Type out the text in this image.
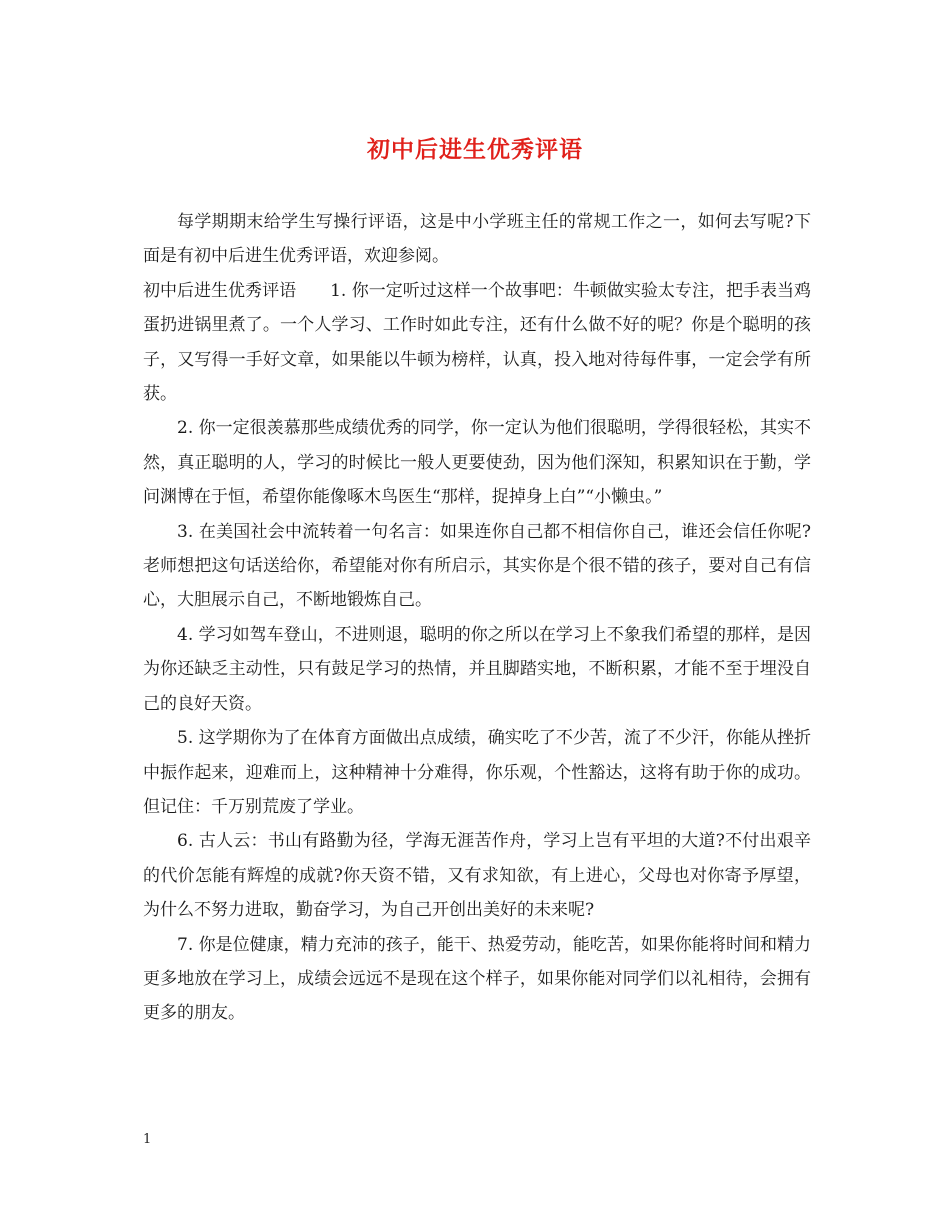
初中后进生优秀评语

每学期期末给学生写操行评语，这是中小学班主任的常规工作之一，如何去写呢?下面是有初中后进生优秀评语，欢迎参阅。

初中后进生优秀评语　　1. 你一定听过这样一个故事吧：牛顿做实验太专注，把手表当鸡蛋扔进锅里煮了。一个人学习、工作时如此专注，还有什么做不好的呢？你是个聪明的孩子，又写得一手好文章，如果能以牛顿为榜样，认真，投入地对待每件事，一定会学有所获。

2. 你一定很羡慕那些成绩优秀的同学，你一定认为他们很聪明，学得很轻松，其实不然，真正聪明的人，学习的时候比一般人更要使劲，因为他们深知，积累知识在于勤，学问渊博在于恒，希望你能像啄木鸟医生“那样，捉掉身上白”“小懒虫。”

3. 在美国社会中流转着一句名言：如果连你自己都不相信你自己，谁还会信任你呢?老师想把这句话送给你，希望能对你有所启示，其实你是个很不错的孩子，要对自己有信心，大胆展示自己，不断地锻炼自己。

4. 学习如驾车登山，不进则退，聪明的你之所以在学习上不象我们希望的那样，是因为你还缺乏主动性，只有鼓足学习的热情，并且脚踏实地，不断积累，才能不至于埋没自己的良好天资。

5. 这学期你为了在体育方面做出点成绩，确实吃了不少苦，流了不少汗，你能从挫折中振作起来，迎难而上，这种精神十分难得，你乐观，个性豁达，这将有助于你的成功。但记住：千万别荒废了学业。

6. 古人云：书山有路勤为径，学海无涯苦作舟，学习上岂有平坦的大道?不付出艰辛的代价怎能有辉煌的成就?你天资不错，又有求知欲，有上进心，父母也对你寄予厚望，为什么不努力进取，勤奋学习，为自己开创出美好的未来呢?

7. 你是位健康，精力充沛的孩子，能干、热爱劳动，能吃苦，如果你能将时间和精力更多地放在学习上，成绩会远远不是现在这个样子，如果你能对同学们以礼相待，会拥有更多的朋友。

1
